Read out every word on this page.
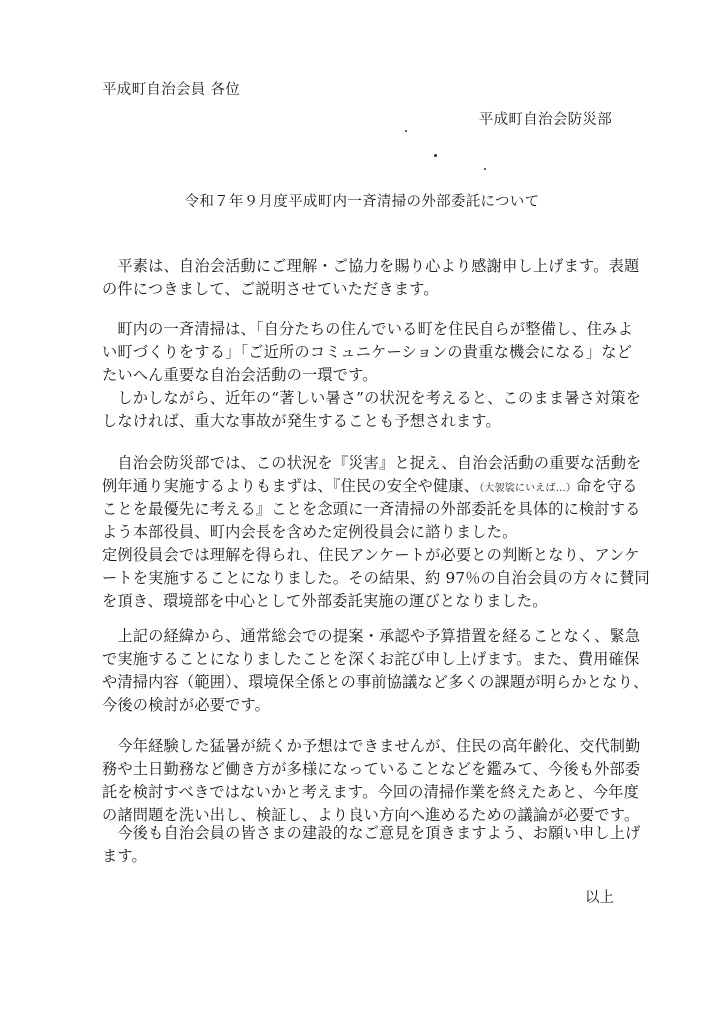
平成町自治会員 各位
平成町自治会防災部
令和７年９月度平成町内一斉清掃の外部委託について
　平素は、自治会活動にご理解・ご協力を賜り心より感謝申し上げます。表題
の件につきまして、ご説明させていただきます。
　町内の一斉清掃は、「自分たちの住んでいる町を住民自らが整備し、住みよ
い町づくりをする」「ご近所のコミュニケーションの貴重な機会になる」など
たいへん重要な自治会活動の一環です。
　しかしながら、近年の“著しい暑さ”の状況を考えると、このまま暑さ対策を
しなければ、重大な事故が発生することも予想されます。
　自治会防災部では、この状況を『災害』と捉え、自治会活動の重要な活動を
例年通り実施するよりもまずは、『住民の安全や健康、（大袈裟にいえば…）命を守る
ことを最優先に考える』ことを念頭に一斉清掃の外部委託を具体的に検討する
よう本部役員、町内会長を含めた定例役員会に諮りました。
定例役員会では理解を得られ、住民アンケートが必要との判断となり、アンケ
ートを実施することになりました。その結果、約 97％の自治会員の方々に賛同
を頂き、環境部を中心として外部委託実施の運びとなりました。
　上記の経緯から、通常総会での提案・承認や予算措置を経ることなく、緊急
で実施することになりましたことを深くお詫び申し上げます。また、費用確保
や清掃内容（範囲）、環境保全係との事前協議など多くの課題が明らかとなり、
今後の検討が必要です。
　今年経験した猛暑が続くか予想はできませんが、住民の高年齢化、交代制勤
務や土日勤務など働き方が多様になっていることなどを鑑みて、今後も外部委
託を検討すべきではないかと考えます。今回の清掃作業を終えたあと、今年度
の諸問題を洗い出し、検証し、より良い方向へ進めるための議論が必要です。
　今後も自治会員の皆さまの建設的なご意見を頂きますよう、お願い申し上げ
ます。
以上
